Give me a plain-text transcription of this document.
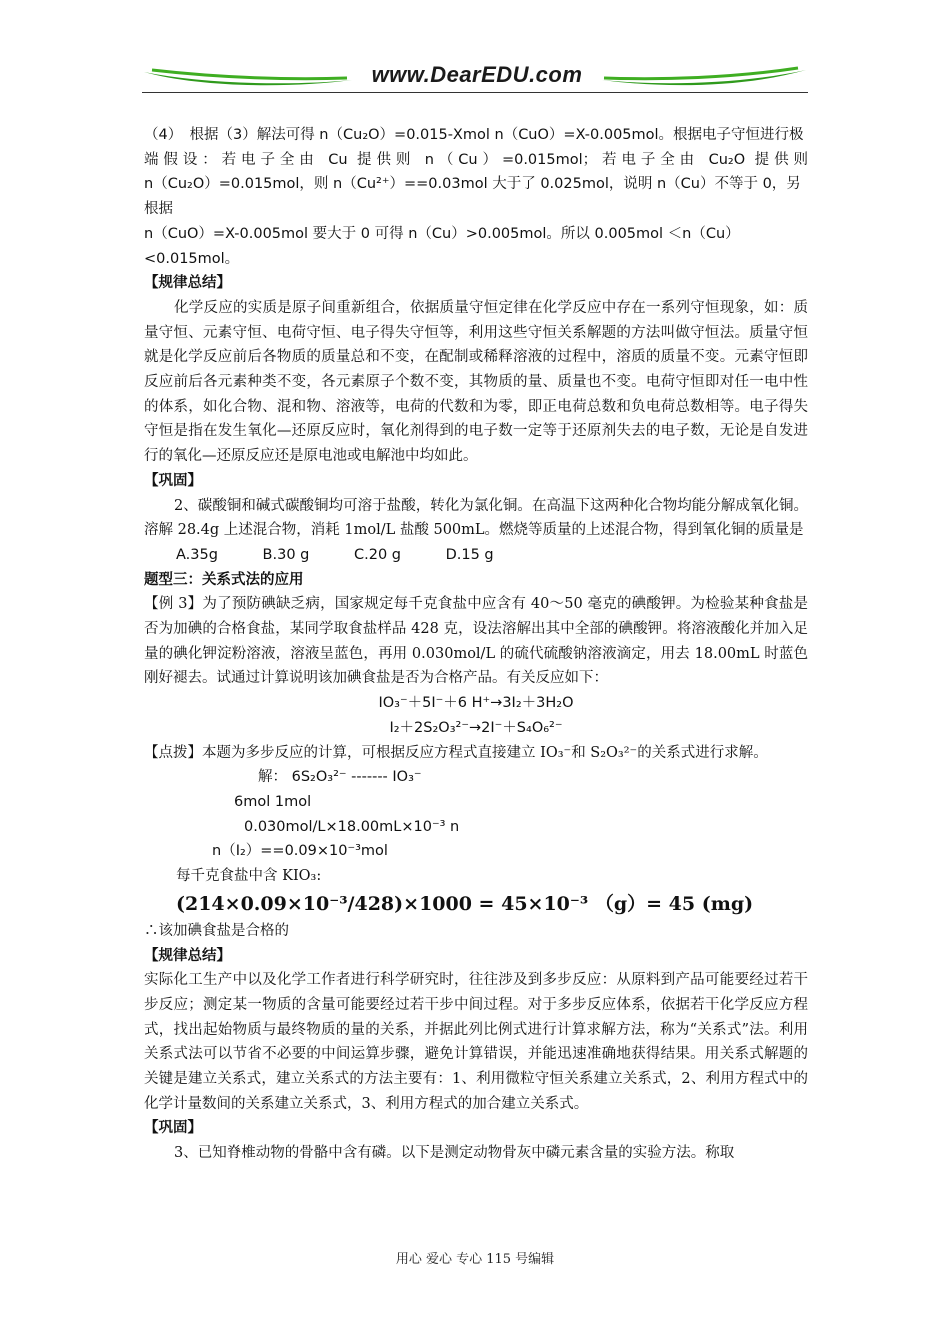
www.DearEDU.com

（4）　根据（3）解法可得 n（Cu₂O）=0.015-Xmol n（CuO）=X-0.005mol。根据电子守恒进行极

端假设：若电子全由 Cu 提供则 n（Cu）=0.015mol；若电子全由 Cu₂O 提供则

n（Cu₂O）=0.015mol，则 n（Cu²⁺）==0.03mol 大于了 0.025mol，说明 n（Cu）不等于 0，另根据

n（CuO）=X-0.005mol 要大于 0 可得 n（Cu）>0.005mol。所以 0.005mol ＜n（Cu）<0.015mol。

【规律总结】

化学反应的实质是原子间重新组合，依据质量守恒定律在化学反应中存在一系列守恒现象，如：质量守恒、元素守恒、电荷守恒、电子得失守恒等，利用这些守恒关系解题的方法叫做守恒法。质量守恒就是化学反应前后各物质的质量总和不变，在配制或稀释溶液的过程中，溶质的质量不变。元素守恒即反应前后各元素种类不变，各元素原子个数不变，其物质的量、质量也不变。电荷守恒即对任一电中性的体系，如化合物、混和物、溶液等，电荷的代数和为零，即正电荷总数和负电荷总数相等。电子得失守恒是指在发生氧化—还原反应时，氧化剂得到的电子数一定等于还原剂失去的电子数，无论是自发进行的氧化—还原反应还是原电池或电解池中均如此。

【巩固】

2、碳酸铜和碱式碳酸铜均可溶于盐酸，转化为氯化铜。在高温下这两种化合物均能分解成氧化铜。溶解 28.4g 上述混合物，消耗 1mol/L 盐酸 500mL。燃烧等质量的上述混合物，得到氧化铜的质量是

A.35g	B.30 g	C.20 g	D.15 g

题型三：关系式法的应用

【例 3】为了预防碘缺乏病，国家规定每千克食盐中应含有 40～50 毫克的碘酸钾。为检验某种食盐是否为加碘的合格食盐，某同学取食盐样品 428 克，设法溶解出其中全部的碘酸钾。将溶液酸化并加入足量的碘化钾淀粉溶液，溶液呈蓝色，再用 0.030mol/L 的硫代硫酸钠溶液滴定，用去 18.00mL 时蓝色刚好褪去。试通过计算说明该加碘食盐是否为合格产品。有关反应如下：

IO₃⁻＋5I⁻＋6 H⁺→3I₂＋3H₂O

I₂＋2S₂O₃²⁻→2I⁻＋S₄O₆²⁻

【点拨】本题为多步反应的计算，可根据反应方程式直接建立 IO₃⁻和 S₂O₃²⁻的关系式进行求解。

解： 6S₂O₃²⁻ ------- IO₃⁻

6mol 1mol

0.030mol/L×18.00mL×10⁻³ n

n（I₂）==0.09×10⁻³mol

每千克食盐中含 KIO₃:

(214×0.09×10⁻³/428)×1000 = 45×10⁻³ （g）= 45 (mg)

∴该加碘食盐是合格的

【规律总结】

实际化工生产中以及化学工作者进行科学研究时，往往涉及到多步反应：从原料到产品可能要经过若干步反应；测定某一物质的含量可能要经过若干步中间过程。对于多步反应体系，依据若干化学反应方程式，找出起始物质与最终物质的量的关系，并据此列比例式进行计算求解方法，称为“关系式”法。利用关系式法可以节省不必要的中间运算步骤，避免计算错误，并能迅速准确地获得结果。用关系式解题的关键是建立关系式，建立关系式的方法主要有：1、利用微粒守恒关系建立关系式，2、利用方程式中的化学计量数间的关系建立关系式，3、利用方程式的加合建立关系式。

【巩固】

3、已知脊椎动物的骨骼中含有磷。以下是测定动物骨灰中磷元素含量的实验方法。称取

用心 爱心 专心 115 号编辑
